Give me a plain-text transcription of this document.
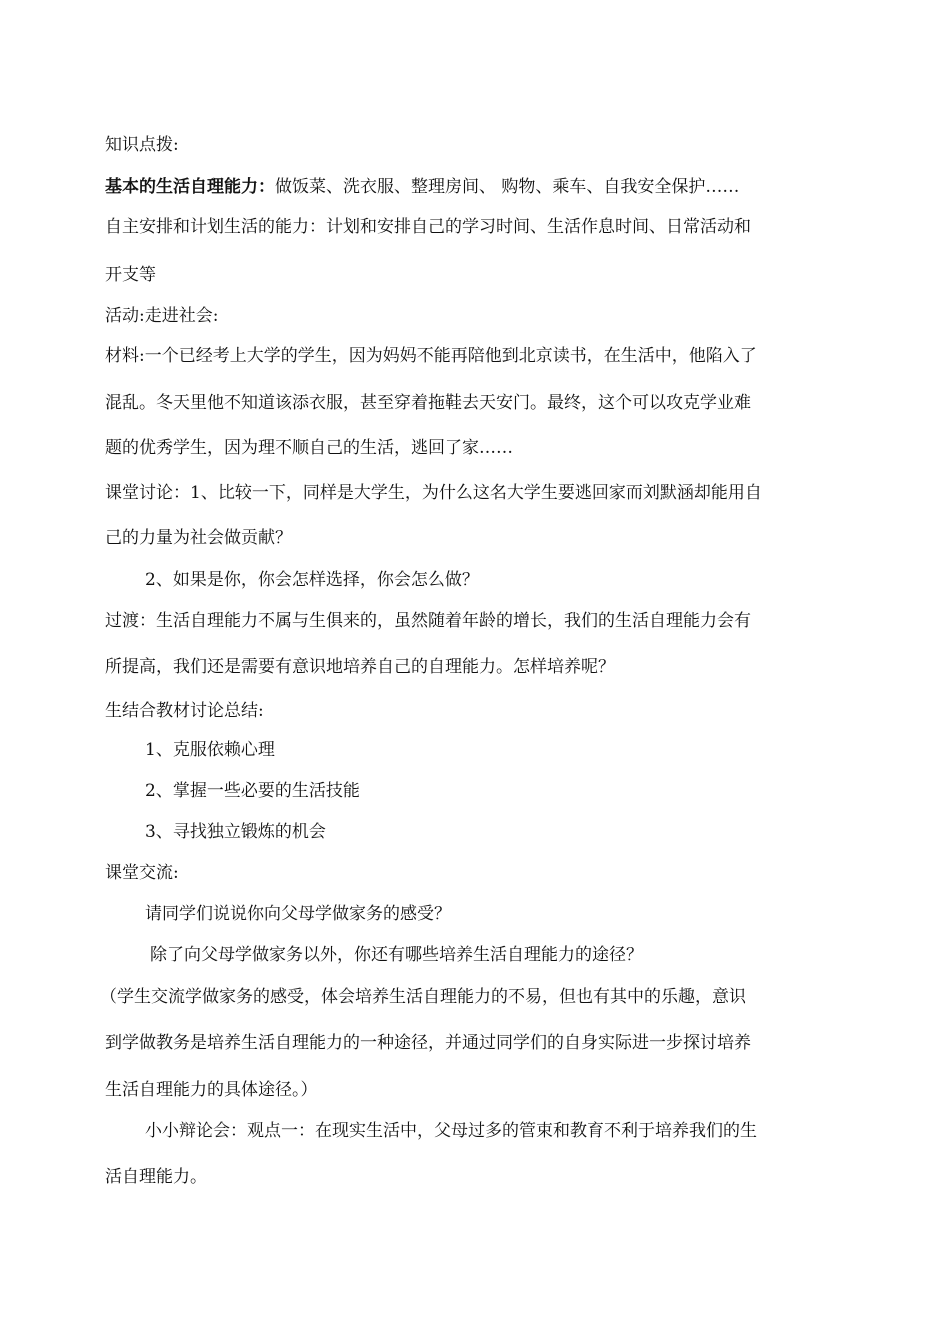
知识点拨:
基本的生活自理能力：做饭菜、洗衣服、整理房间、 购物、乘车、自我安全保护……
自主安排和计划生活的能力：计划和安排自己的学习时间、生活作息时间、日常活动和
开支等
活动:走进社会:
材料:一个已经考上大学的学生，因为妈妈不能再陪他到北京读书，在生活中，他陷入了
混乱。冬天里他不知道该添衣服，甚至穿着拖鞋去天安门。最终，这个可以攻克学业难
题的优秀学生，因为理不顺自己的生活，逃回了家……
课堂讨论：1、比较一下，同样是大学生，为什么这名大学生要逃回家而刘默涵却能用自
己的力量为社会做贡献？
2、如果是你，你会怎样选择，你会怎么做？
过渡：生活自理能力不属与生俱来的，虽然随着年龄的增长，我们的生活自理能力会有
所提高，我们还是需要有意识地培养自己的自理能力。怎样培养呢？
生结合教材讨论总结:
1、克服依赖心理
2、掌握一些必要的生活技能
3、寻找独立锻炼的机会
课堂交流:
请同学们说说你向父母学做家务的感受？
除了向父母学做家务以外，你还有哪些培养生活自理能力的途径？
（学生交流学做家务的感受，体会培养生活自理能力的不易，但也有其中的乐趣，意识
到学做教务是培养生活自理能力的一种途径，并通过同学们的自身实际进一步探讨培养
生活自理能力的具体途径。）
小小辩论会：观点一：在现实生活中，父母过多的管束和教育不利于培养我们的生
活自理能力。
